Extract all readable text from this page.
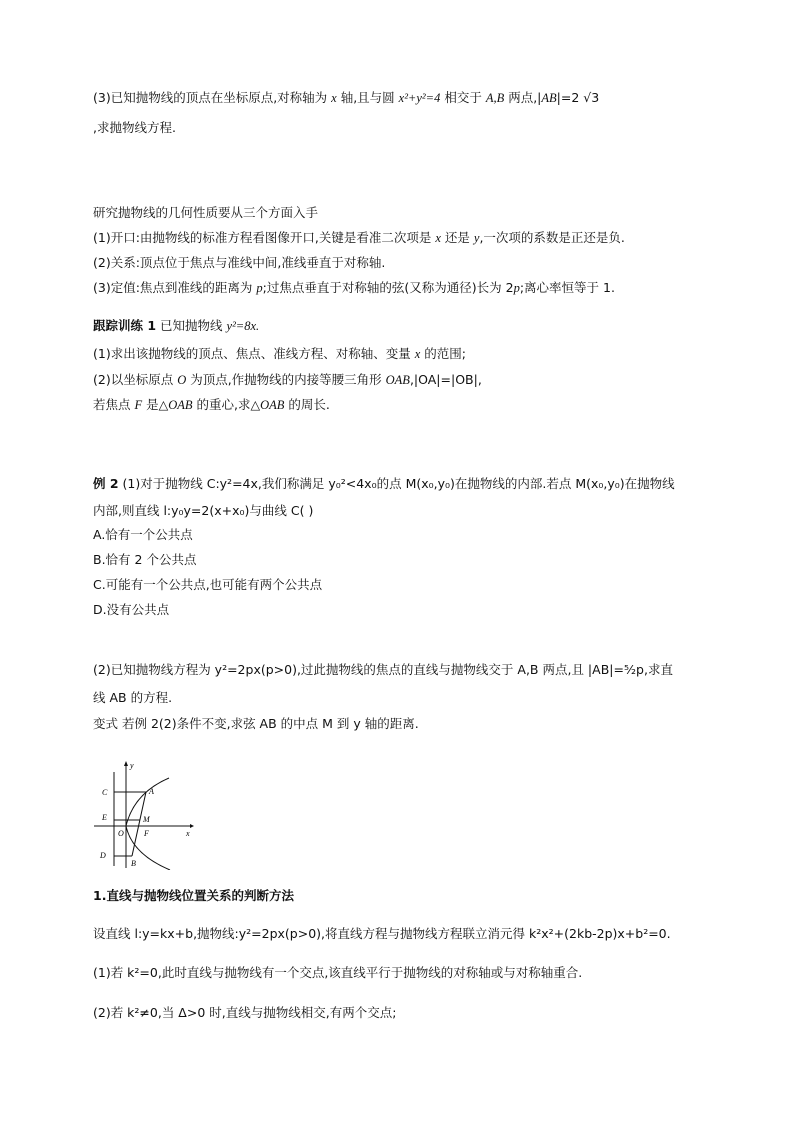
(3)已知抛物线的顶点在坐标原点,对称轴为 x 轴,且与圆 x²+y²=4 相交于 A,B 两点,|AB|=2 √3
,求抛物线方程.
研究抛物线的几何性质要从三个方面入手
(1)开口:由抛物线的标准方程看图像开口,关键是看准二次项是 x 还是 y,一次项的系数是正还是负.
(2)关系:顶点位于焦点与准线中间,准线垂直于对称轴.
(3)定值:焦点到准线的距离为 p;过焦点垂直于对称轴的弦(又称为通径)长为 2p;离心率恒等于 1.
跟踪训练 1 已知抛物线 y²=8x.
(1)求出该抛物线的顶点、焦点、准线方程、对称轴、变量 x 的范围;
(2)以坐标原点 O 为顶点,作抛物线的内接等腰三角形 OAB,|OA|=|OB|,
若焦点 F 是△OAB 的重心,求△OAB 的周长.
例 2 (1)对于抛物线 C:y²=4x,我们称满足 y₀²<4x₀的点 M(x₀,y₀)在抛物线的内部.若点 M(x₀,y₀)在抛物线
内部,则直线 l:y₀y=2(x+x₀)与曲线 C( )
A.恰有一个公共点
B.恰有 2 个公共点
C.可能有一个公共点,也可能有两个公共点
D.没有公共点
(2)已知抛物线方程为 y²=2px(p>0),过此抛物线的焦点的直线与抛物线交于 A,B 两点,且 |AB|=⁵⁄₂p,求直
线 AB 的方程.
变式 若例 2(2)条件不变,求弦 AB 的中点 M 到 y 轴的距离.
y
x
C	A
E	M
O	F
D
B
1.直线与抛物线位置关系的判断方法
设直线 l:y=kx+b,抛物线:y²=2px(p>0),将直线方程与抛物线方程联立消元得 k²x²+(2kb-2p)x+b²=0.
(1)若 k²=0,此时直线与抛物线有一个交点,该直线平行于抛物线的对称轴或与对称轴重合.
(2)若 k²≠0,当 Δ>0 时,直线与抛物线相交,有两个交点;
